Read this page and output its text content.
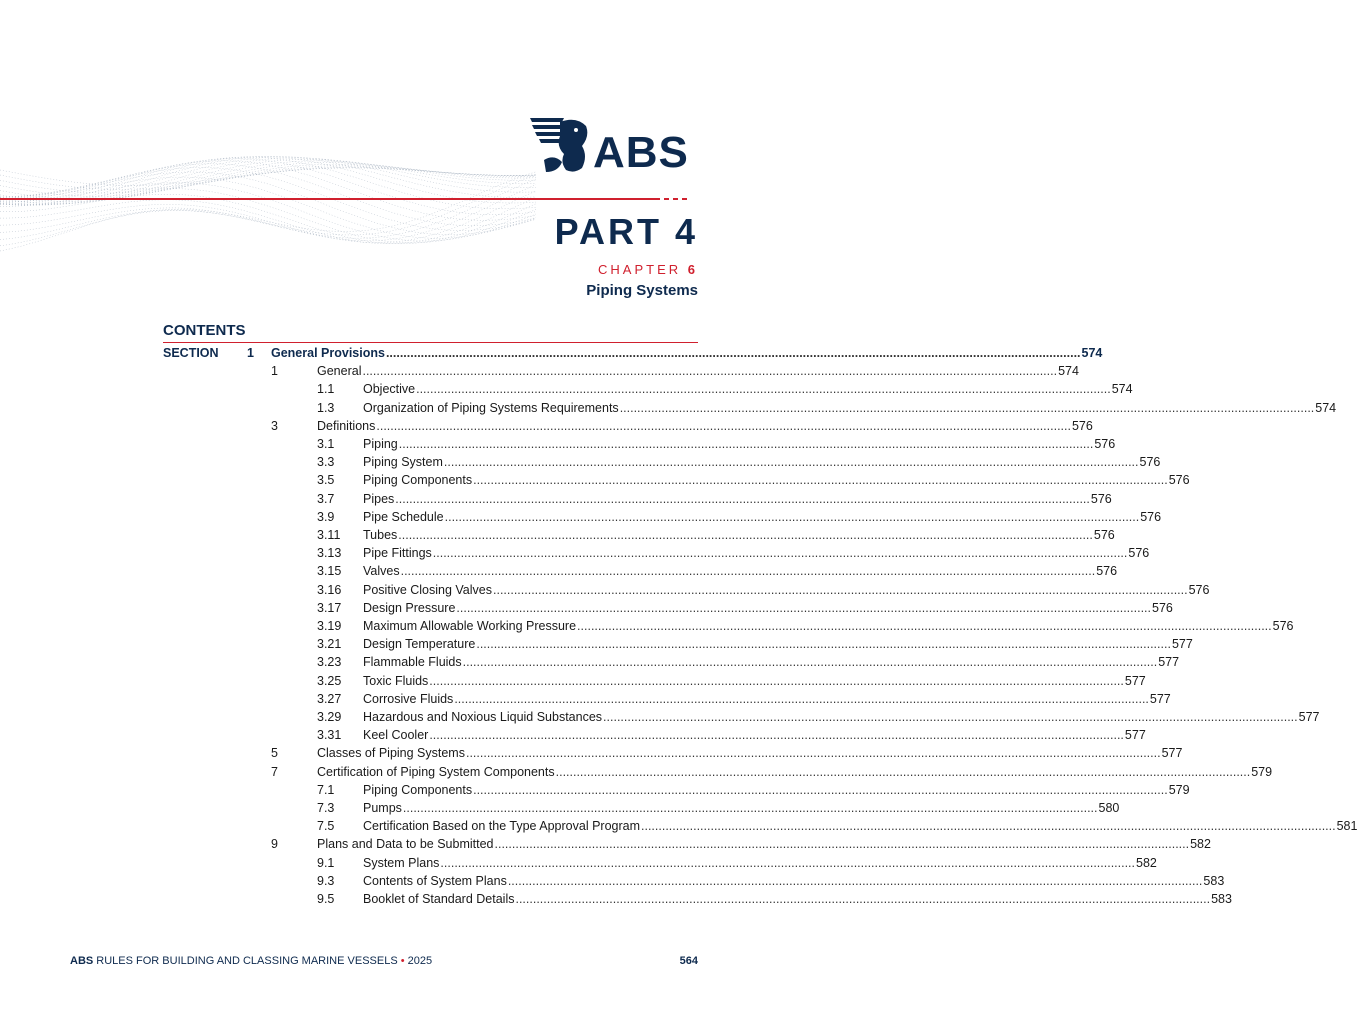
ABS
PART 4
CHAPTER 6
Piping Systems
CONTENTS
SECTION 1 General Provisions ........................................................................................................................................................................................................ 574
1	General ........................................................................................................................................................................................................ 574
1.1 Objective ........................................................................................................................................................................................................ 574
1.3 Organization of Piping Systems Requirements ........................................................................................................................................................................................................ 574
3	Definitions ........................................................................................................................................................................................................ 576
3.1 Piping ........................................................................................................................................................................................................ 576
3.3 Piping System ........................................................................................................................................................................................................ 576
3.5 Piping Components ........................................................................................................................................................................................................ 576
3.7 Pipes ........................................................................................................................................................................................................ 576
3.9 Pipe Schedule ........................................................................................................................................................................................................ 576
3.11 Tubes ........................................................................................................................................................................................................ 576
3.13 Pipe Fittings ........................................................................................................................................................................................................ 576
3.15 Valves ........................................................................................................................................................................................................ 576
3.16 Positive Closing Valves ........................................................................................................................................................................................................ 576
3.17 Design Pressure ........................................................................................................................................................................................................ 576
3.19 Maximum Allowable Working Pressure ........................................................................................................................................................................................................ 576
3.21 Design Temperature ........................................................................................................................................................................................................ 577
3.23 Flammable Fluids ........................................................................................................................................................................................................ 577
3.25 Toxic Fluids ........................................................................................................................................................................................................ 577
3.27 Corrosive Fluids ........................................................................................................................................................................................................ 577
3.29 Hazardous and Noxious Liquid Substances ........................................................................................................................................................................................................ 577
3.31 Keel Cooler ........................................................................................................................................................................................................ 577
5	Classes of Piping Systems ........................................................................................................................................................................................................ 577
7	Certification of Piping System Components ........................................................................................................................................................................................................ 579
7.1 Piping Components ........................................................................................................................................................................................................ 579
7.3 Pumps ........................................................................................................................................................................................................ 580
7.5 Certification Based on the Type Approval Program ........................................................................................................................................................................................................ 581
9	Plans and Data to be Submitted ........................................................................................................................................................................................................ 582
9.1 System Plans ........................................................................................................................................................................................................ 582
9.3 Contents of System Plans ........................................................................................................................................................................................................ 583
9.5 Booklet of Standard Details ........................................................................................................................................................................................................ 583
ABS RULES FOR BUILDING AND CLASSING MARINE VESSELS • 2025	564
